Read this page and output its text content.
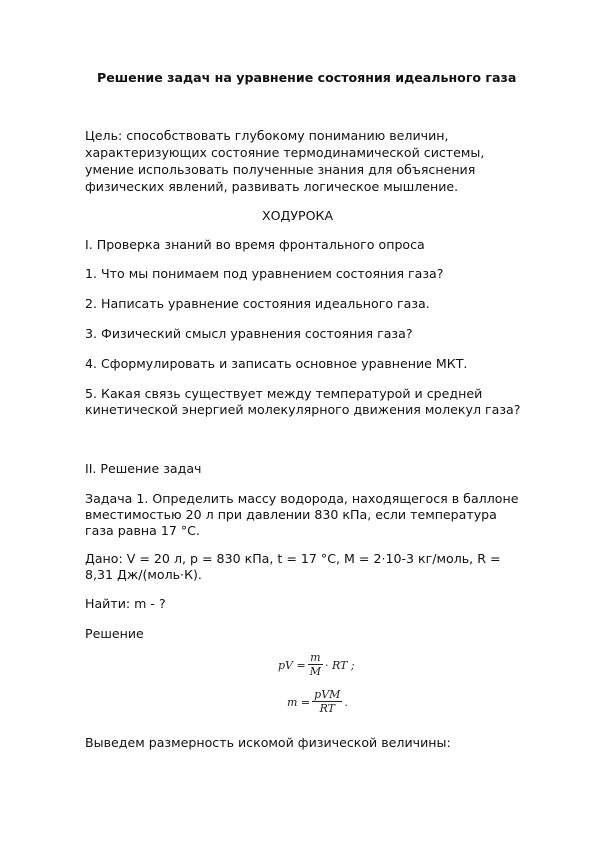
Решение задач на уравнение состояния идеального газа
Цель: способствовать глубокому пониманию величин,
характеризующих состояние термодинамической системы,
умение использовать полученные знания для объяснения
физических явлений, развивать логическое мышление.
ХОДУРОКА
I. Проверка знаний во время фронтального опроса
1. Что мы понимаем под уравнением состояния газа?
2. Написать уравнение состояния идеального газа.
3. Физический смысл уравнения состояния газа?
4. Сформулировать и записать основное уравнение МКТ.
5. Какая связь существует между температурой и средней
кинетической энергией молекулярного движения молекул газа?
II. Решение задач
Задача 1. Определить массу водорода, находящегося в баллоне
вместимостью 20 л при давлении 830 кПа, если температура
газа равна 17 °С.
Дано: V = 20 л, p = 830 кПа, t = 17 °С, M = 2·10-3 кг/моль, R =
8,31 Дж/(моль·К).
Найти: m - ?
Решение
pV = $\frac{m}{M}$ · RT ;
$m = \frac{\text{pVM}}{RT}$ .
Выведем размерность искомой физической величины:
